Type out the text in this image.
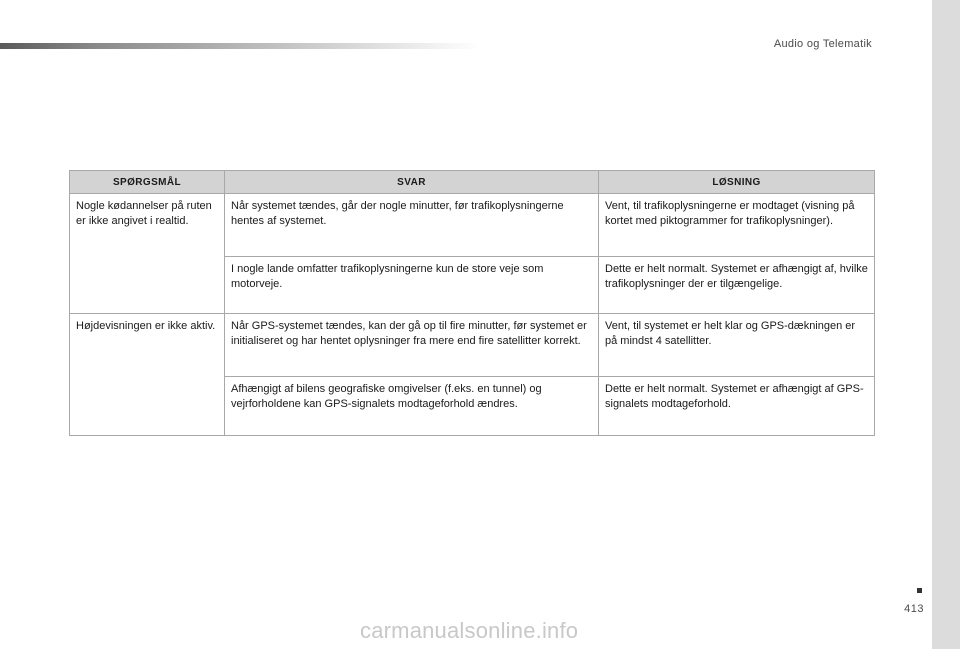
Audio og Telematik
SPØRGSMÅL	SVAR	LØSNING
Nogle kødannelser på ruten er ikke angivet i realtid.	Når systemet tændes, går der nogle minutter, før trafikoplysningerne hentes af systemet.	Vent, til trafikoplysningerne er modtaget (visning på kortet med piktogrammer for trafikoplysninger).
	I nogle lande omfatter trafikoplysningerne kun de store veje som motorveje.	Dette er helt normalt. Systemet er afhængigt af, hvilke trafikoplysninger der er tilgængelige.
Højdevisningen er ikke aktiv.	Når GPS-systemet tændes, kan der gå op til fire minutter, før systemet er initialiseret og har hentet oplysninger fra mere end fire satellitter korrekt.	Vent, til systemet er helt klar og GPS-dækningen er på mindst 4 satellitter.
	Afhængigt af bilens geografiske omgivelser (f.eks. en tunnel) og vejrforholdene kan GPS-signalets modtageforhold ændres.	Dette er helt normalt. Systemet er afhængigt af GPS-signalets modtageforhold.
413
carmanualsonline.info
